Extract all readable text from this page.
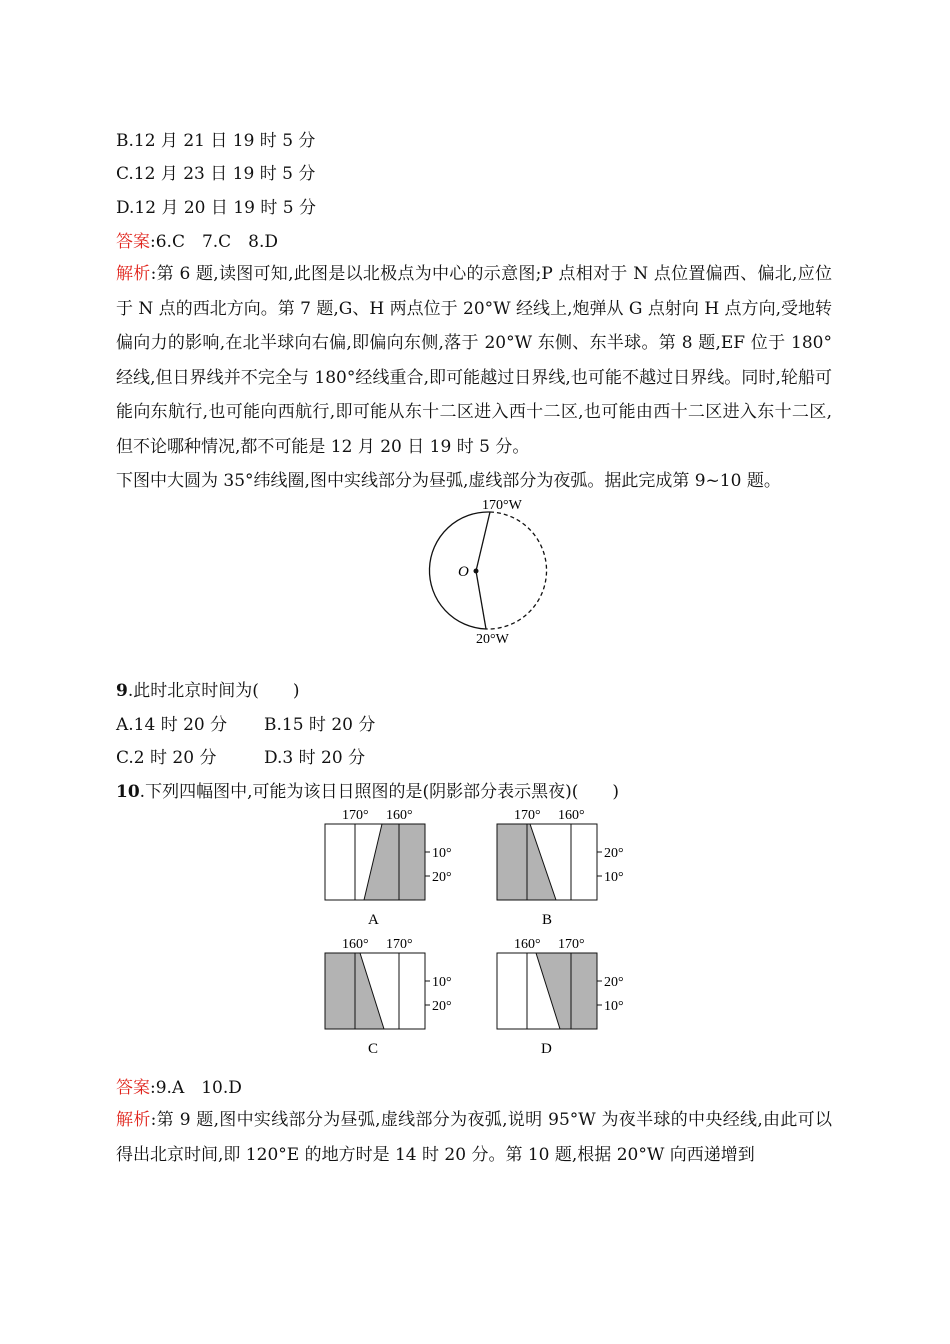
B.12 月 21 日 19 时 5 分
C.12 月 23 日 19 时 5 分
D.12 月 20 日 19 时 5 分
答案:6.C　7.C　8.D
解析:第 6 题,读图可知,此图是以北极点为中心的示意图;P 点相对于 N 点位置偏西、偏北,应位于 N 点的西北方向。第 7 题,G、H 两点位于 20°W 经线上,炮弹从 G 点射向 H 点方向,受地转偏向力的影响,在北半球向右偏,即偏向东侧,落于 20°W 东侧、东半球。第 8 题,EF 位于 180°经线,但日界线并不完全与 180°经线重合,即可能越过日界线,也可能不越过日界线。同时,轮船可能向东航行,也可能向西航行,即可能从东十二区进入西十二区,也可能由西十二区进入东十二区,但不论哪种情况,都不可能是 12 月 20 日 19 时 5 分。
下图中大圆为 35°纬线圈,图中实线部分为昼弧,虚线部分为夜弧。据此完成第 9~10 题。
170°W
O
20°W
9.此时北京时间为(　　)
A.14 时 20 分 B.15 时 20 分
C.2 时 20 分	D.3 时 20 分
10.下列四幅图中,可能为该日日照图的是(阴影部分表示黑夜)(　　)
170° 160°
10°
20°
A
170° 160°
20°
10°
B
160° 170°
10°
20°
C
160° 170°
20°
10°
D
答案:9.A　10.D
解析:第 9 题,图中实线部分为昼弧,虚线部分为夜弧,说明 95°W 为夜半球的中央经线,由此可以得出北京时间,即 120°E 的地方时是 14 时 20 分。第 10 题,根据 20°W 向西递增到
